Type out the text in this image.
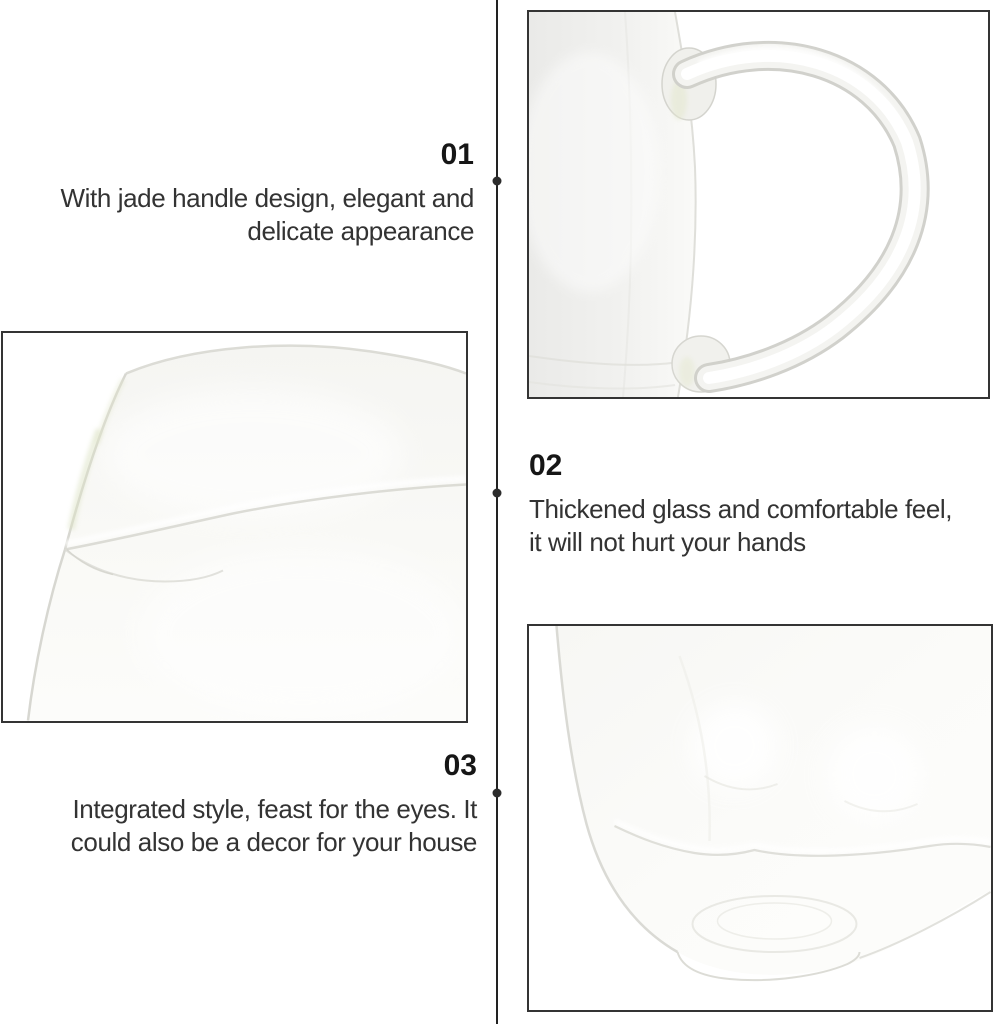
01
With jade handle design, elegant and
delicate appearance
02
Thickened glass and comfortable feel,
it will not hurt your hands
03
Integrated style, feast for the eyes. It
could also be a decor for your house
